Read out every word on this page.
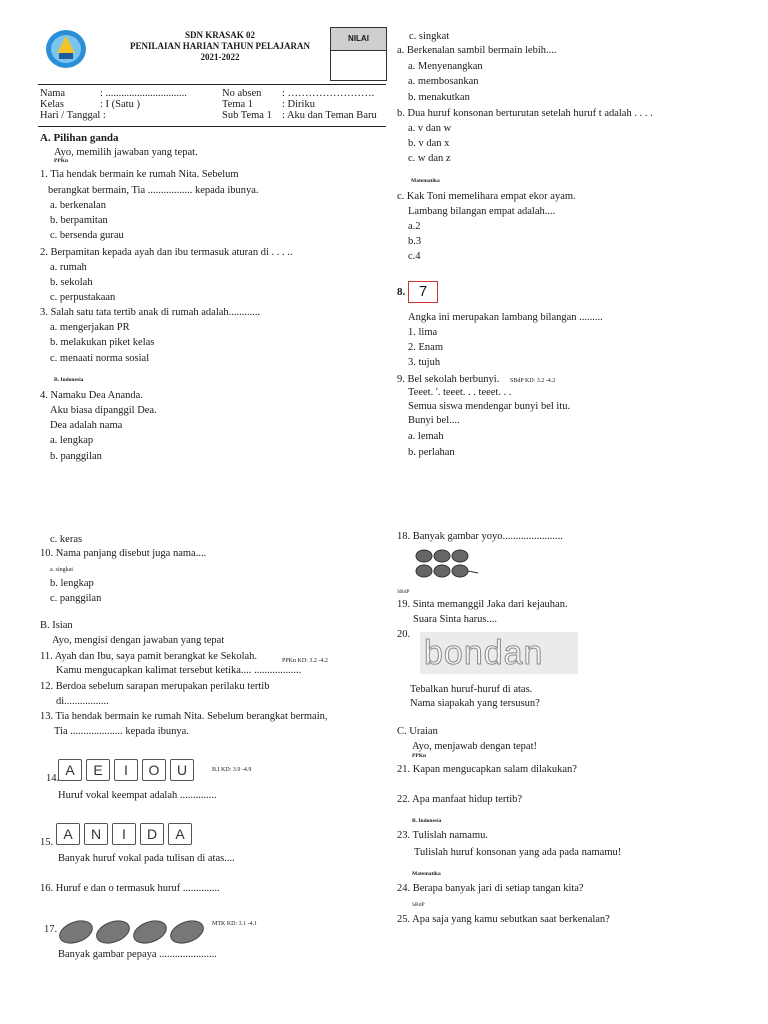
SDN KRASAK 02
PENILAIAN HARIAN TAHUN PELAJARAN
2021-2022
NILAI
Nama	: ...............................
Kelas	: I (Satu )
Hari / Tanggal :
No absen : …………………….
Tema 1	: Diriku
Sub Tema 1 : Aku dan Teman Baru
A. Pilihan ganda
Ayo, memilih jawaban yang tepat.
PPKn
1. Tia hendak bermain ke rumah Nita. Sebelum
berangkat bermain, Tia ................. kepada ibunya.
a. berkenalan
b. berpamitan
c. bersenda gurau
2. Berpamitan kepada ayah dan ibu termasuk aturan di . . . ..
a. rumah
b. sekolah
c. perpustakaan
3. Salah satu tata tertib anak di rumah adalah............
a. mengerjakan PR
b. melakukan piket kelas
c. menaati norma sosial
B. Indonesia
4. Namaku Dea Ananda.
Aku biasa dipanggil Dea.
Dea adalah nama
a. lengkap
b. panggilan
c. singkat
a. Berkenalan sambil bermain lebih....
a. Menyenangkan
a. membosankan
b. menakutkan
b. Dua huruf konsonan berturutan setelah huruf t adalah . . . .
a. v dan w
b. v dan x
c. w dan z
Matematika
c. Kak Toni memelihara empat ekor ayam.
Lambang bilangan empat adalah....
a.2
b.3
c.4
8. 7
Angka ini merupakan lambang bilangan .........
1. lima
2. Enam
3. tujuh
9. Bel sekolah berbunyi. SBdP KD: 3.2 -4.2
Teeet. '. teeet. . . teeet. . .
Semua siswa mendengar bunyi bel itu.
Bunyi bel....
a. lemah
b. perlahan
c. keras
10. Nama panjang disebut juga nama....
a. singkat
b. lengkap
c. panggilan
B. Isian
Ayo, mengisi dengan jawaban yang tepat
11. Ayah dan Ibu, saya pamit berangkat ke Sekolah.
Kamu mengucapkan kalimat tersebut ketika.... ..................
12. Berdoa sebelum sarapan merupakan perilaku tertib
di.................
13. Tia hendak bermain ke rumah Nita. Sebelum berangkat bermain,
Tia .................... kepada ibunya.
PPKn KD: 3.2 -4.2
14.
A	E	I	O	U	B.I KD: 3.9 -4.9
Huruf vokal keempat adalah ..............
15.
A	N	I	D	A
Banyak huruf vokal pada tulisan di atas....
16. Huruf e dan o termasuk huruf ..............
17.	MTK KD: 3.1 -4.1
Banyak gambar pepaya ......................
18. Banyak gambar yoyo.......................
SBdP
19. Sinta memanggil Jaka dari kejauhan.
Suara Sinta harus....
20. bondan
Tebalkan huruf-huruf di atas.
Nama siapakah yang tersusun?
C. Uraian
Ayo, menjawab dengan tepat!
PPKn
21. Kapan mengucapkan salam dilakukan?
22. Apa manfaat hidup tertib?
B. Indonesia
23. Tulislah namamu.
Tulislah huruf konsonan yang ada pada namamu!
Matematika
24. Berapa banyak jari di setiap tangan kita?
SBdP
25. Apa saja yang kamu sebutkan saat berkenalan?
